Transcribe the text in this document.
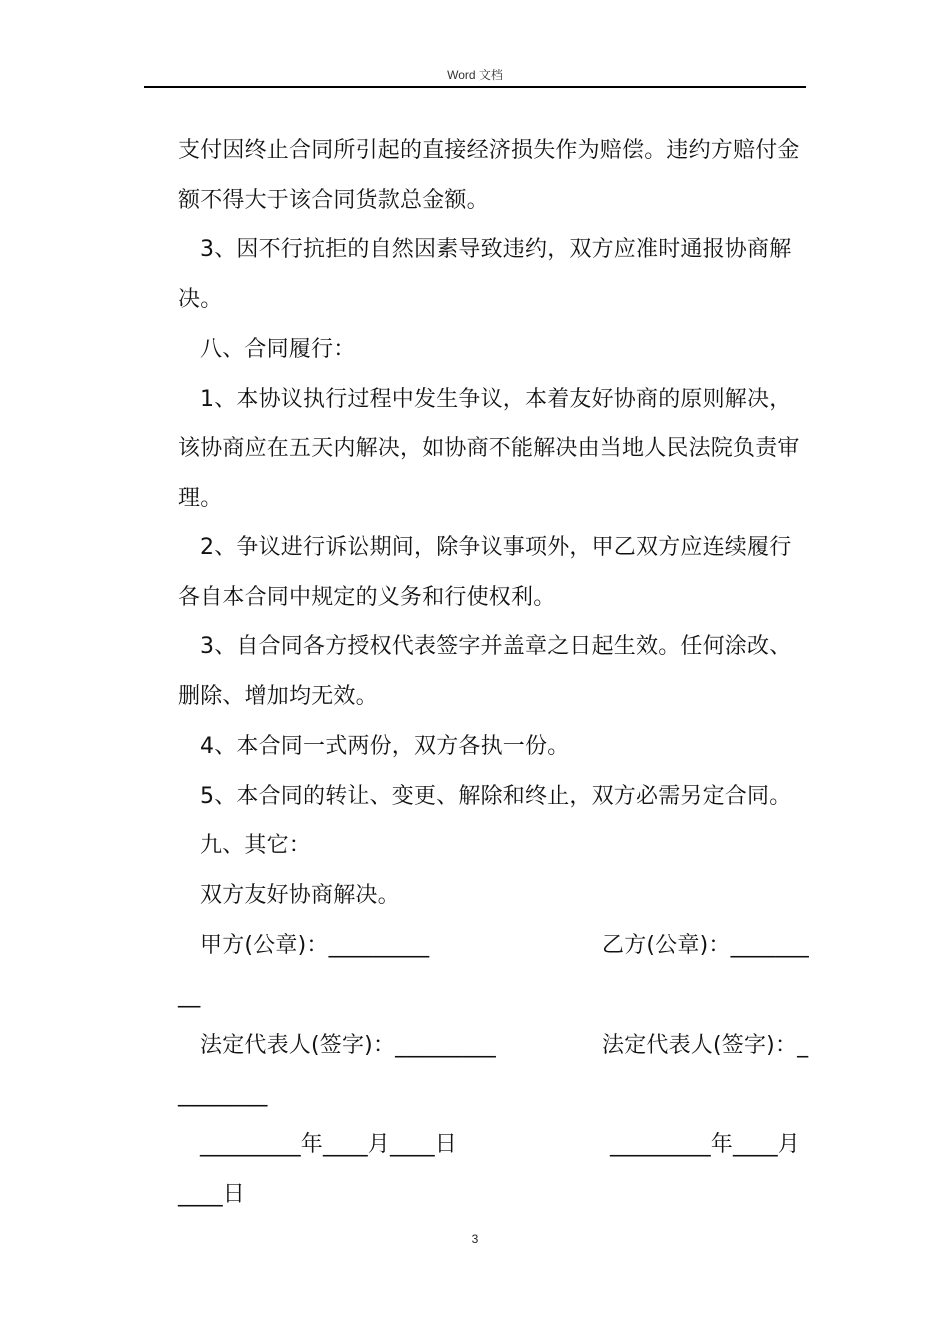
Word 文档
支付因终止合同所引起的直接经济损失作为赔偿。违约方赔付金
额不得大于该合同货款总金额。
3、因不行抗拒的自然因素导致违约，双方应准时通报协商解
决。
八、合同履行：
1、本协议执行过程中发生争议，本着友好协商的原则解决，
该协商应在五天内解决，如协商不能解决由当地人民法院负责审
理。
2、争议进行诉讼期间，除争议事项外，甲乙双方应连续履行
各自本合同中规定的义务和行使权利。
3、自合同各方授权代表签字并盖章之日起生效。任何涂改、
删除、增加均无效。
4、本合同一式两份，双方各执一份。
5、本合同的转让、变更、解除和终止，双方必需另定合同。
九、其它：
双方友好协商解决。
甲方(公章)：_________	乙方(公章)：_______
__
法定代表人(签字)：_________	法定代表人(签字)：_
________
_________年____月____日	_________年____月
____日
3
